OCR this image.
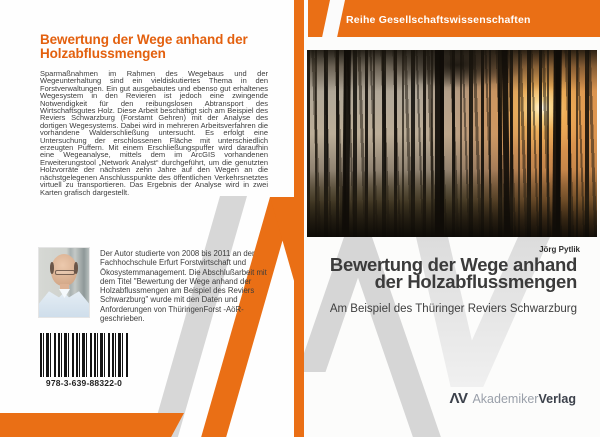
Bewertung der Wege anhand der Holzabflussmengen
Sparmaßnahmen im Rahmen des Wegebaus und der Wegeunterhaltung sind ein vieldiskutiertes Thema in den Forstverwaltungen. Ein gut ausgebautes und ebenso gut erhaltenes Wegesystem in den Revieren ist jedoch eine zwingende Notwendigkeit für den reibungslosen Abtransport des Wirtschaftsgutes Holz. Diese Arbeit beschäftigt sich am Beispiel des Reviers Schwarzburg (Forstamt Gehren) mit der Analyse des dortigen Wegesystems. Dabei wird in mehreren Arbeitsverfahren die vorhandene Walderschließung untersucht. Es erfolgt eine Untersuchung der erschlossenen Fläche mit unterschiedlich erzeugten Puffern. Mit einem Erschließungspuffer wird daraufhin eine Wegeanalyse, mittels dem im ArcGIS vorhandenen Erweiterungstool „Network Analyst“ durchgeführt, um die genutzten Holzvorräte der nächsten zehn Jahre auf den Wegen an die nächstgelegenen Anschlusspunkte des öffentlichen Verkehrsnetztes virtuell zu transportieren. Das Ergebnis der Analyse wird in zwei Karten grafisch dargestellt.
Der Autor studierte von 2008 bis 2011 an der Fachhochschule Erfurt Forstwirtschaft und Ökosystemmanagement. Die Abschlußarbeit mit dem Titel "Bewertung der Wege anhand der Holzabflussmengen am Beispiel des Reviers Schwarzburg" wurde mit den Daten und Anforderungen von ThüringenForst -AöR- geschrieben.
978-3-639-88322-0
Reihe Gesellschaftswissenschaften
Jörg Pytlik
Bewertung der Wege anhand
der Holzabflussmengen
Am Beispiel des Thüringer Reviers Schwarzburg
ΛV AkademikerVerlag
